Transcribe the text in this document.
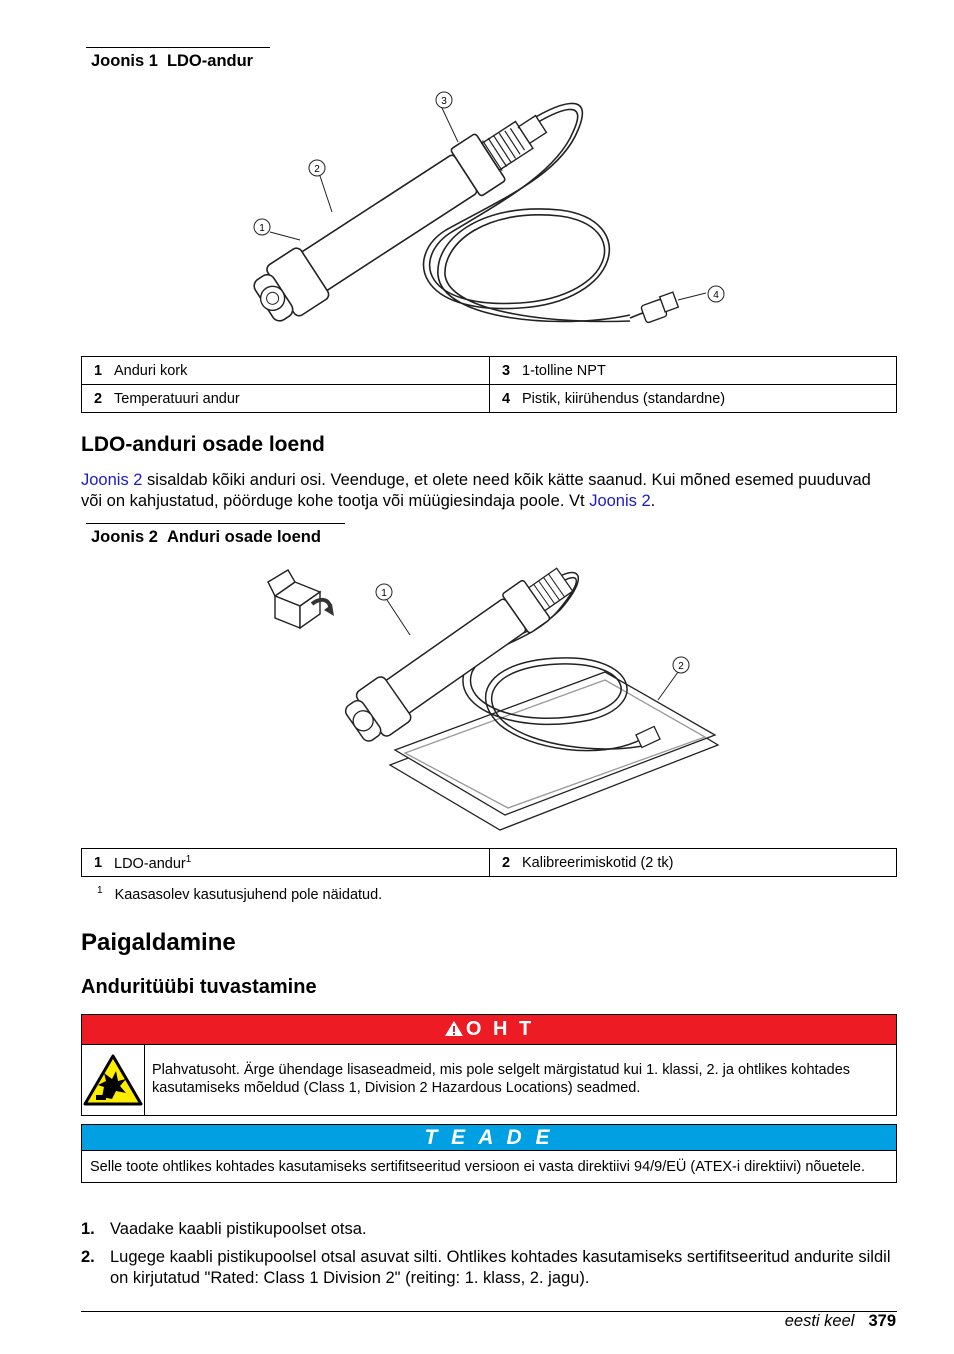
Joonis 1 LDO-andur
3
2
1
4
1 Anduri kork	3 1-tolline NPT
2 Temperatuuri andur	4 Pistik, kiirühendus (standardne)
LDO-anduri osade loend

Joonis 2 sisaldab kõiki anduri osi. Veenduge, et olete need kõik kätte saanud. Kui mõned esemed puuduvad või on kahjustatud, pöörduge kohe tootja või müügiesindaja poole. Vt Joonis 2.

Joonis 2 Anduri osade loend
1
2
1 LDO-andur$^1$	2 Kalibreerimiskotid (2 tk)
$^1$ Kaasasolev kasutusjuhend pole näidatud.
Paigaldamine
Anduritüübi tuvastamine
O H T
Plahvatusoht. Ärge ühendage lisaseadmeid, mis pole selgelt märgistatud kui 1. klassi, 2. ja ohtlikes kohtades kasutamiseks mõeldud (Class 1, Division 2 Hazardous Locations) seadmed.
T E A D E
Selle toote ohtlikes kohtades kasutamiseks sertifitseeritud versioon ei vasta direktiivi 94/9/EÜ (ATEX-i direktiivi) nõuetele.
1. Vaadake kaabli pistikupoolset otsa.
2. Lugege kaabli pistikupoolsel otsal asuvat silti. Ohtlikes kohtades kasutamiseks sertifitseeritud andurite sildil on kirjutatud "Rated: Class 1 Division 2" (reiting: 1. klass, 2. jagu).
eesti keel 379
